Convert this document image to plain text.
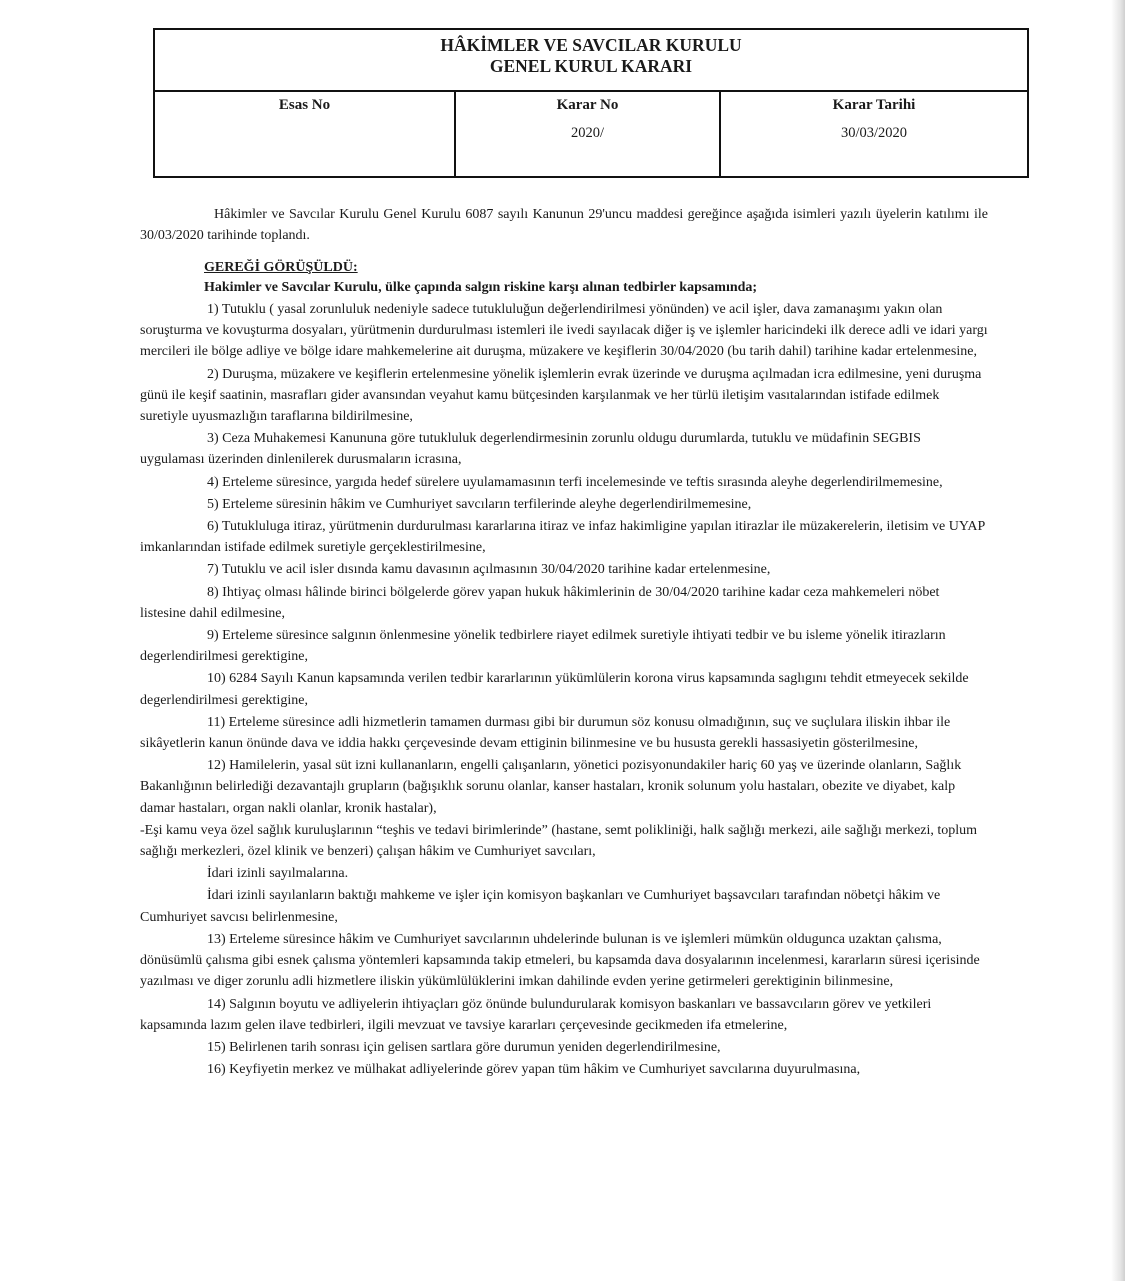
HÂKİMLER VE SAVCILAR KURULU
GENEL KURUL KARARI
Esas No	Karar No
2020/
Karar Tarihi
30/03/2020

Hâkimler ve Savcılar Kurulu Genel Kurulu 6087 sayılı Kanunun 29'uncu maddesi gereğince aşağıda isimleri yazılı üyelerin katılımı ile 30/03/2020 tarihinde toplandı.

GEREĞİ GÖRÜŞÜLDÜ:

Hakimler ve Savcılar Kurulu, ülke çapında salgın riskine karşı alınan tedbirler kapsamında;

1) Tutuklu ( yasal zorunluluk nedeniyle sadece tutukluluğun değerlendirilmesi yönünden) ve acil işler, dava zamanaşımı yakın olan soruşturma ve kovuşturma dosyaları, yürütmenin durdurulması istemleri ile ivedi sayılacak diğer iş ve işlemler haricindeki ilk derece adli ve idari yargı mercileri ile bölge adliye ve bölge idare mahkemelerine ait duruşma, müzakere ve keşiflerin 30/04/2020 (bu tarih dahil) tarihine kadar ertelenmesine,

2) Duruşma, müzakere ve keşiflerin ertelenmesine yönelik işlemlerin evrak üzerinde ve duruşma açılmadan icra edilmesine, yeni duruşma günü ile keşif saatinin, masrafları gider avansından veyahut kamu bütçesinden karşılanmak ve her türlü iletişim vasıtalarından istifade edilmek suretiyle uyusmazlığın taraflarına bildirilmesine,

3) Ceza Muhakemesi Kanununa göre tutukluluk degerlendirmesinin zorunlu oldugu durumlarda, tutuklu ve müdafinin SEGBIS uygulaması üzerinden dinlenilerek durusmaların icrasına,

4) Erteleme süresince, yargıda hedef sürelere uyulamamasının terfi incelemesinde ve teftis sırasında aleyhe degerlendirilmemesine,

5) Erteleme süresinin hâkim ve Cumhuriyet savcıların terfilerinde aleyhe degerlendirilmemesine,

6) Tutukluluga itiraz, yürütmenin durdurulması kararlarına itiraz ve infaz hakimligine yapılan itirazlar ile müzakerelerin, iletisim ve UYAP imkanlarından istifade edilmek suretiyle gerçeklestirilmesine,

7) Tutuklu ve acil isler dısında kamu davasının açılmasının 30/04/2020 tarihine kadar ertelenmesine,

8) Ihtiyaç olması hâlinde birinci bölgelerde görev yapan hukuk hâkimlerinin de 30/04/2020 tarihine kadar ceza mahkemeleri nöbet listesine dahil edilmesine,

9) Erteleme süresince salgının önlenmesine yönelik tedbirlere riayet edilmek suretiyle ihtiyati tedbir ve bu isleme yönelik itirazların degerlendirilmesi gerektigine,

10) 6284 Sayılı Kanun kapsamında verilen tedbir kararlarının yükümlülerin korona virus kapsamında saglıgını tehdit etmeyecek sekilde degerlendirilmesi gerektigine,

11) Erteleme süresince adli hizmetlerin tamamen durması gibi bir durumun söz konusu olmadığının, suç ve suçlulara iliskin ihbar ile sikâyetlerin kanun önünde dava ve iddia hakkı çerçevesinde devam ettiginin bilinmesine ve bu hususta gerekli hassasiyetin gösterilmesine,

12) Hamilelerin, yasal süt izni kullananların, engelli çalışanların, yönetici pozisyonundakiler hariç 60 yaş ve üzerinde olanların, Sağlık Bakanlığının belirlediği dezavantajlı grupların (bağışıklık sorunu olanlar, kanser hastaları, kronik solunum yolu hastaları, obezite ve diyabet, kalp damar hastaları, organ nakli olanlar, kronik hastalar),

-Eşi kamu veya özel sağlık kuruluşlarının “teşhis ve tedavi birimlerinde” (hastane, semt polikliniği, halk sağlığı merkezi, aile sağlığı merkezi, toplum sağlığı merkezleri, özel klinik ve benzeri) çalışan hâkim ve Cumhuriyet savcıları,

İdari izinli sayılmalarına.

İdari izinli sayılanların baktığı mahkeme ve işler için komisyon başkanları ve Cumhuriyet başsavcıları tarafından nöbetçi hâkim ve Cumhuriyet savcısı belirlenmesine,

13) Erteleme süresince hâkim ve Cumhuriyet savcılarının uhdelerinde bulunan is ve işlemleri mümkün oldugunca uzaktan çalısma, dönüsümlü çalısma gibi esnek çalısma yöntemleri kapsamında takip etmeleri, bu kapsamda dava dosyalarının incelenmesi, kararların süresi içerisinde yazılması ve diger zorunlu adli hizmetlere iliskin yükümlülüklerini imkan dahilinde evden yerine getirmeleri gerektiginin bilinmesine,

14) Salgının boyutu ve adliyelerin ihtiyaçları göz önünde bulundurularak komisyon baskanları ve bassavcıların görev ve yetkileri kapsamında lazım gelen ilave tedbirleri, ilgili mevzuat ve tavsiye kararları çerçevesinde gecikmeden ifa etmelerine,

15) Belirlenen tarih sonrası için gelisen sartlara göre durumun yeniden degerlendirilmesine,

16) Keyfiyetin merkez ve mülhakat adliyelerinde görev yapan tüm hâkim ve Cumhuriyet savcılarına duyurulmasına,
